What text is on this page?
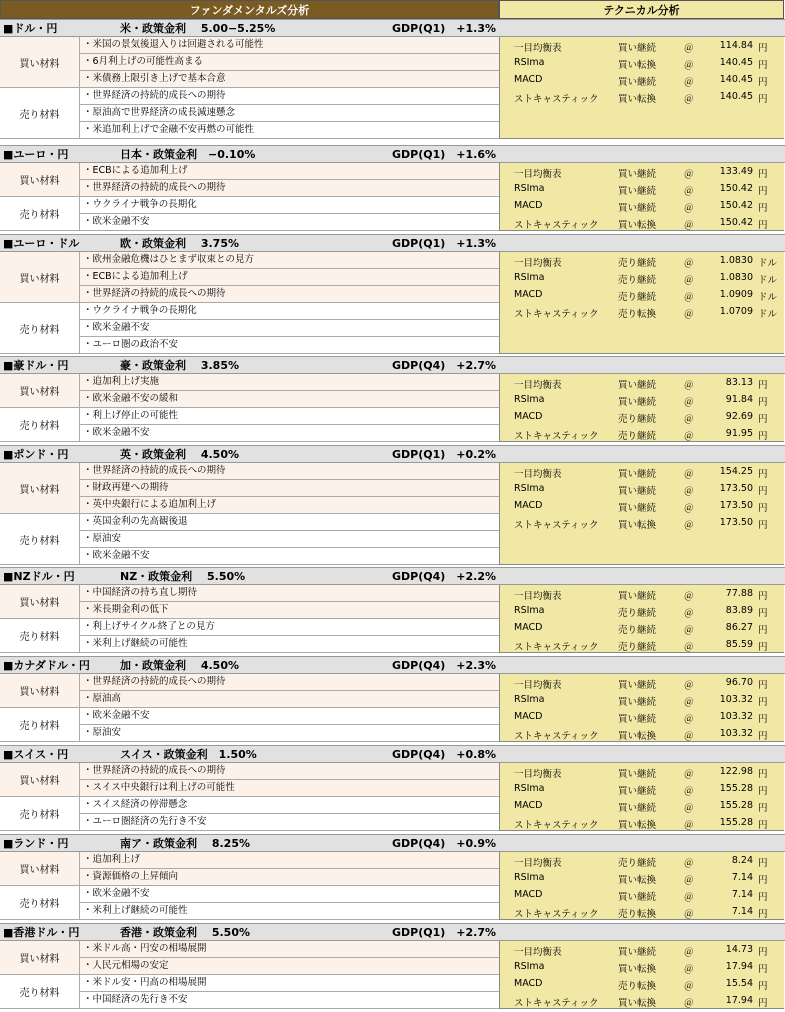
ファンダメンタルズ分析	テクニカル分析
■ドル・円	米・政策金利　 5.00−5.25%	GDP(Q1)　+1.3%
買い材料
・米国の景気後退入りは回避される可能性
・6月利上げの可能性高まる
・米債務上限引き上げで基本合意
売り材料
・世界経済の持続的成長への期待
・原油高で世界経済の成長減速懸念
・米追加利上げで金融不安再燃の可能性
一目均衡表	買い継続	＠	114.84 円
RSIma	買い転換	＠	140.45 円
MACD	買い継続	＠	140.45 円
ストキャスティック 買い転換	＠	140.45 円
■ユーロ・円	日本・政策金利　−0.10%	GDP(Q1)　+1.6%
買い材料
・ECBによる追加利上げ
・世界経済の持続的成長への期待
売り材料
・ウクライナ戦争の長期化
・欧米金融不安
一目均衡表	買い継続	＠	133.49 円
RSIma	買い継続	＠	150.42 円
MACD	買い継続	＠	150.42 円
ストキャスティック 買い転換	＠	150.42 円
■ユーロ・ドル	欧・政策金利　 3.75%	GDP(Q1)　+1.3%
買い材料
・欧州金融危機はひとまず収束との見方
・ECBによる追加利上げ
・世界経済の持続的成長への期待
売り材料
・ウクライナ戦争の長期化
・欧米金融不安
・ユーロ圏の政治不安
一目均衡表	売り継続	＠	1.0830 ドル
RSIma	売り継続	＠	1.0830 ドル
MACD	売り継続	＠	1.0909 ドル
ストキャスティック 売り転換	＠	1.0709 ドル
■豪ドル・円	豪・政策金利　 3.85%	GDP(Q4)　+2.7%
買い材料
・追加利上げ実施
・欧米金融不安の緩和
売り材料
・利上げ停止の可能性
・欧米金融不安
一目均衡表	買い継続	＠	83.13 円
RSIma	買い継続	＠	91.84 円
MACD	売り継続	＠	92.69 円
ストキャスティック 売り継続	＠	91.95 円
■ポンド・円	英・政策金利　 4.50%	GDP(Q1)　+0.2%
買い材料
・世界経済の持続的成長への期待
・財政再建への期待
・英中央銀行による追加利上げ
売り材料
・英国金利の先高観後退
・原油安
・欧米金融不安
一目均衡表	買い継続	＠	154.25 円
RSIma	買い継続	＠	173.50 円
MACD	買い継続	＠	173.50 円
ストキャスティック 買い転換	＠	173.50 円
■NZドル・円	NZ・政策金利　 5.50%	GDP(Q4)　+2.2%
買い材料
・中国経済の持ち直し期待
・米長期金利の低下
売り材料
・利上げサイクル終了との見方
・米利上げ継続の可能性
一目均衡表	買い継続	＠	77.88 円
RSIma	売り継続	＠	83.89 円
MACD	売り継続	＠	86.27 円
ストキャスティック 売り継続	＠	85.59 円
■カナダドル・円	加・政策金利　 4.50%	GDP(Q4)　+2.3%
買い材料
・世界経済の持続的成長への期待
・原油高
売り材料
・欧米金融不安
・原油安
一目均衡表	買い継続	＠	96.70 円
RSIma	買い継続	＠	103.32 円
MACD	買い継続	＠	103.32 円
ストキャスティック 買い転換	＠	103.32 円
■スイス・円	スイス・政策金利　1.50%	GDP(Q4)　+0.8%
買い材料
・世界経済の持続的成長への期待
・スイス中央銀行は利上げの可能性
売り材料
・スイス経済の停滞懸念
・ユーロ圏経済の先行き不安
一目均衡表	買い継続	＠	122.98 円
RSIma	買い継続	＠	155.28 円
MACD	買い継続	＠	155.28 円
ストキャスティック 買い転換	＠	155.28 円
■ランド・円	南ア・政策金利　 8.25%	GDP(Q4)　+0.9%
買い材料
・追加利上げ
・資源価格の上昇傾向
売り材料
・欧米金融不安
・米利上げ継続の可能性
一目均衡表	売り継続	＠	8.24 円
RSIma	買い転換	＠	7.14 円
MACD	買い継続	＠	7.14 円
ストキャスティック 売り転換	＠	7.14 円
■香港ドル・円	香港・政策金利　 5.50%	GDP(Q1)　+2.7%
買い材料
・米ドル高・円安の相場展開
・人民元相場の安定
売り材料
・米ドル安・円高の相場展開
・中国経済の先行き不安
一目均衡表	買い継続	＠	14.73 円
RSIma	買い転換	＠	17.94 円
MACD	売り転換	＠	15.54 円
ストキャスティック 買い転換	＠	17.94 円
